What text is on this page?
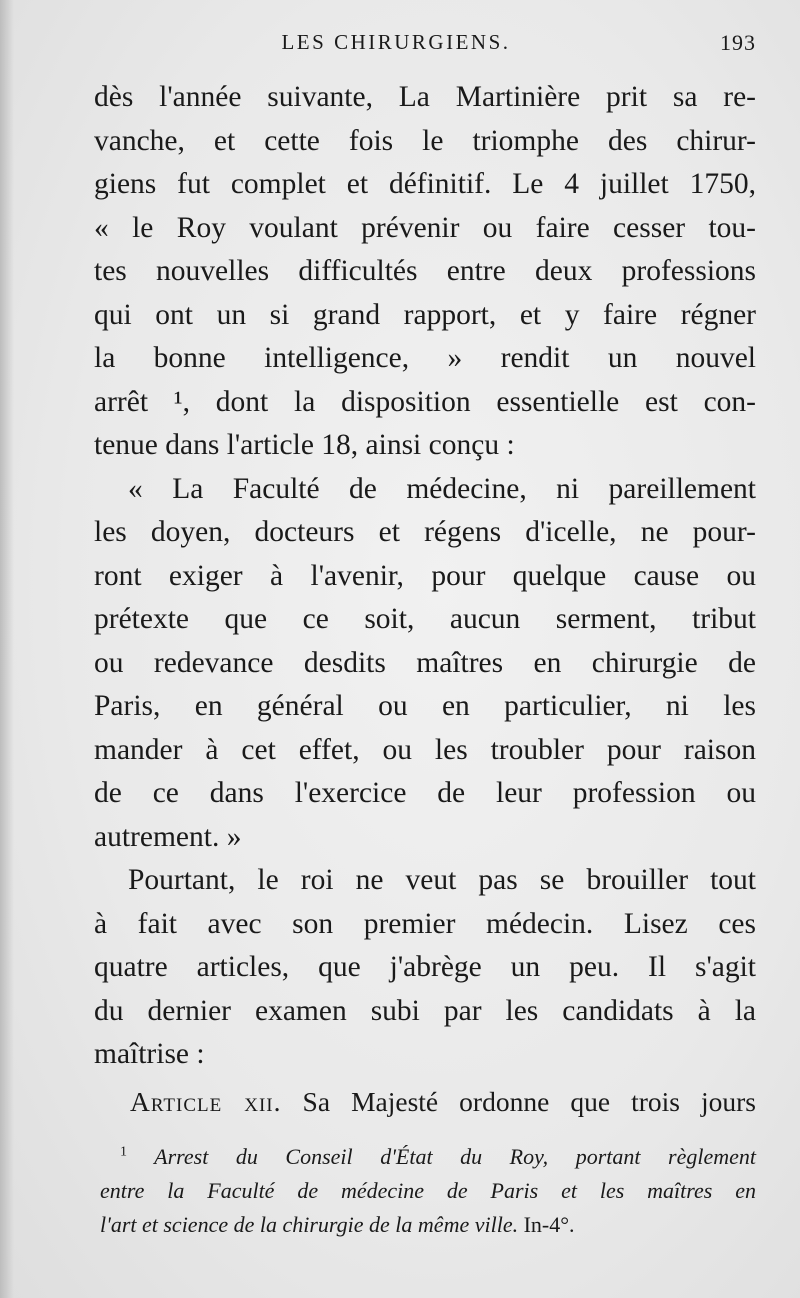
LES CHIRURGIENS.	193
dès l'année suivante, La Martinière prit sa re-
vanche, et cette fois le triomphe des chirur-
giens fut complet et définitif. Le 4 juillet 1750,
« le Roy voulant prévenir ou faire cesser tou-
tes nouvelles difficultés entre deux professions
qui ont un si grand rapport, et y faire régner
la bonne intelligence, » rendit un nouvel
arrêt ¹, dont la disposition essentielle est con-
tenue dans l'article 18, ainsi conçu :
« La Faculté de médecine, ni pareillement
les doyen, docteurs et régens d'icelle, ne pour-
ront exiger à l'avenir, pour quelque cause ou
prétexte que ce soit, aucun serment, tribut
ou redevance desdits maîtres en chirurgie de
Paris, en général ou en particulier, ni les
mander à cet effet, ou les troubler pour raison
de ce dans l'exercice de leur profession ou
autrement. »
Pourtant, le roi ne veut pas se brouiller tout
à fait avec son premier médecin. Lisez ces
quatre articles, que j'abrège un peu. Il s'agit
du dernier examen subi par les candidats à la
maîtrise :
Article xii. Sa Majesté ordonne que trois jours
$^1$ Arrest du Conseil d'État du Roy, portant règlement
entre la Faculté de médecine de Paris et les maîtres en
l'art et science de la chirurgie de la même ville. In-4°.
